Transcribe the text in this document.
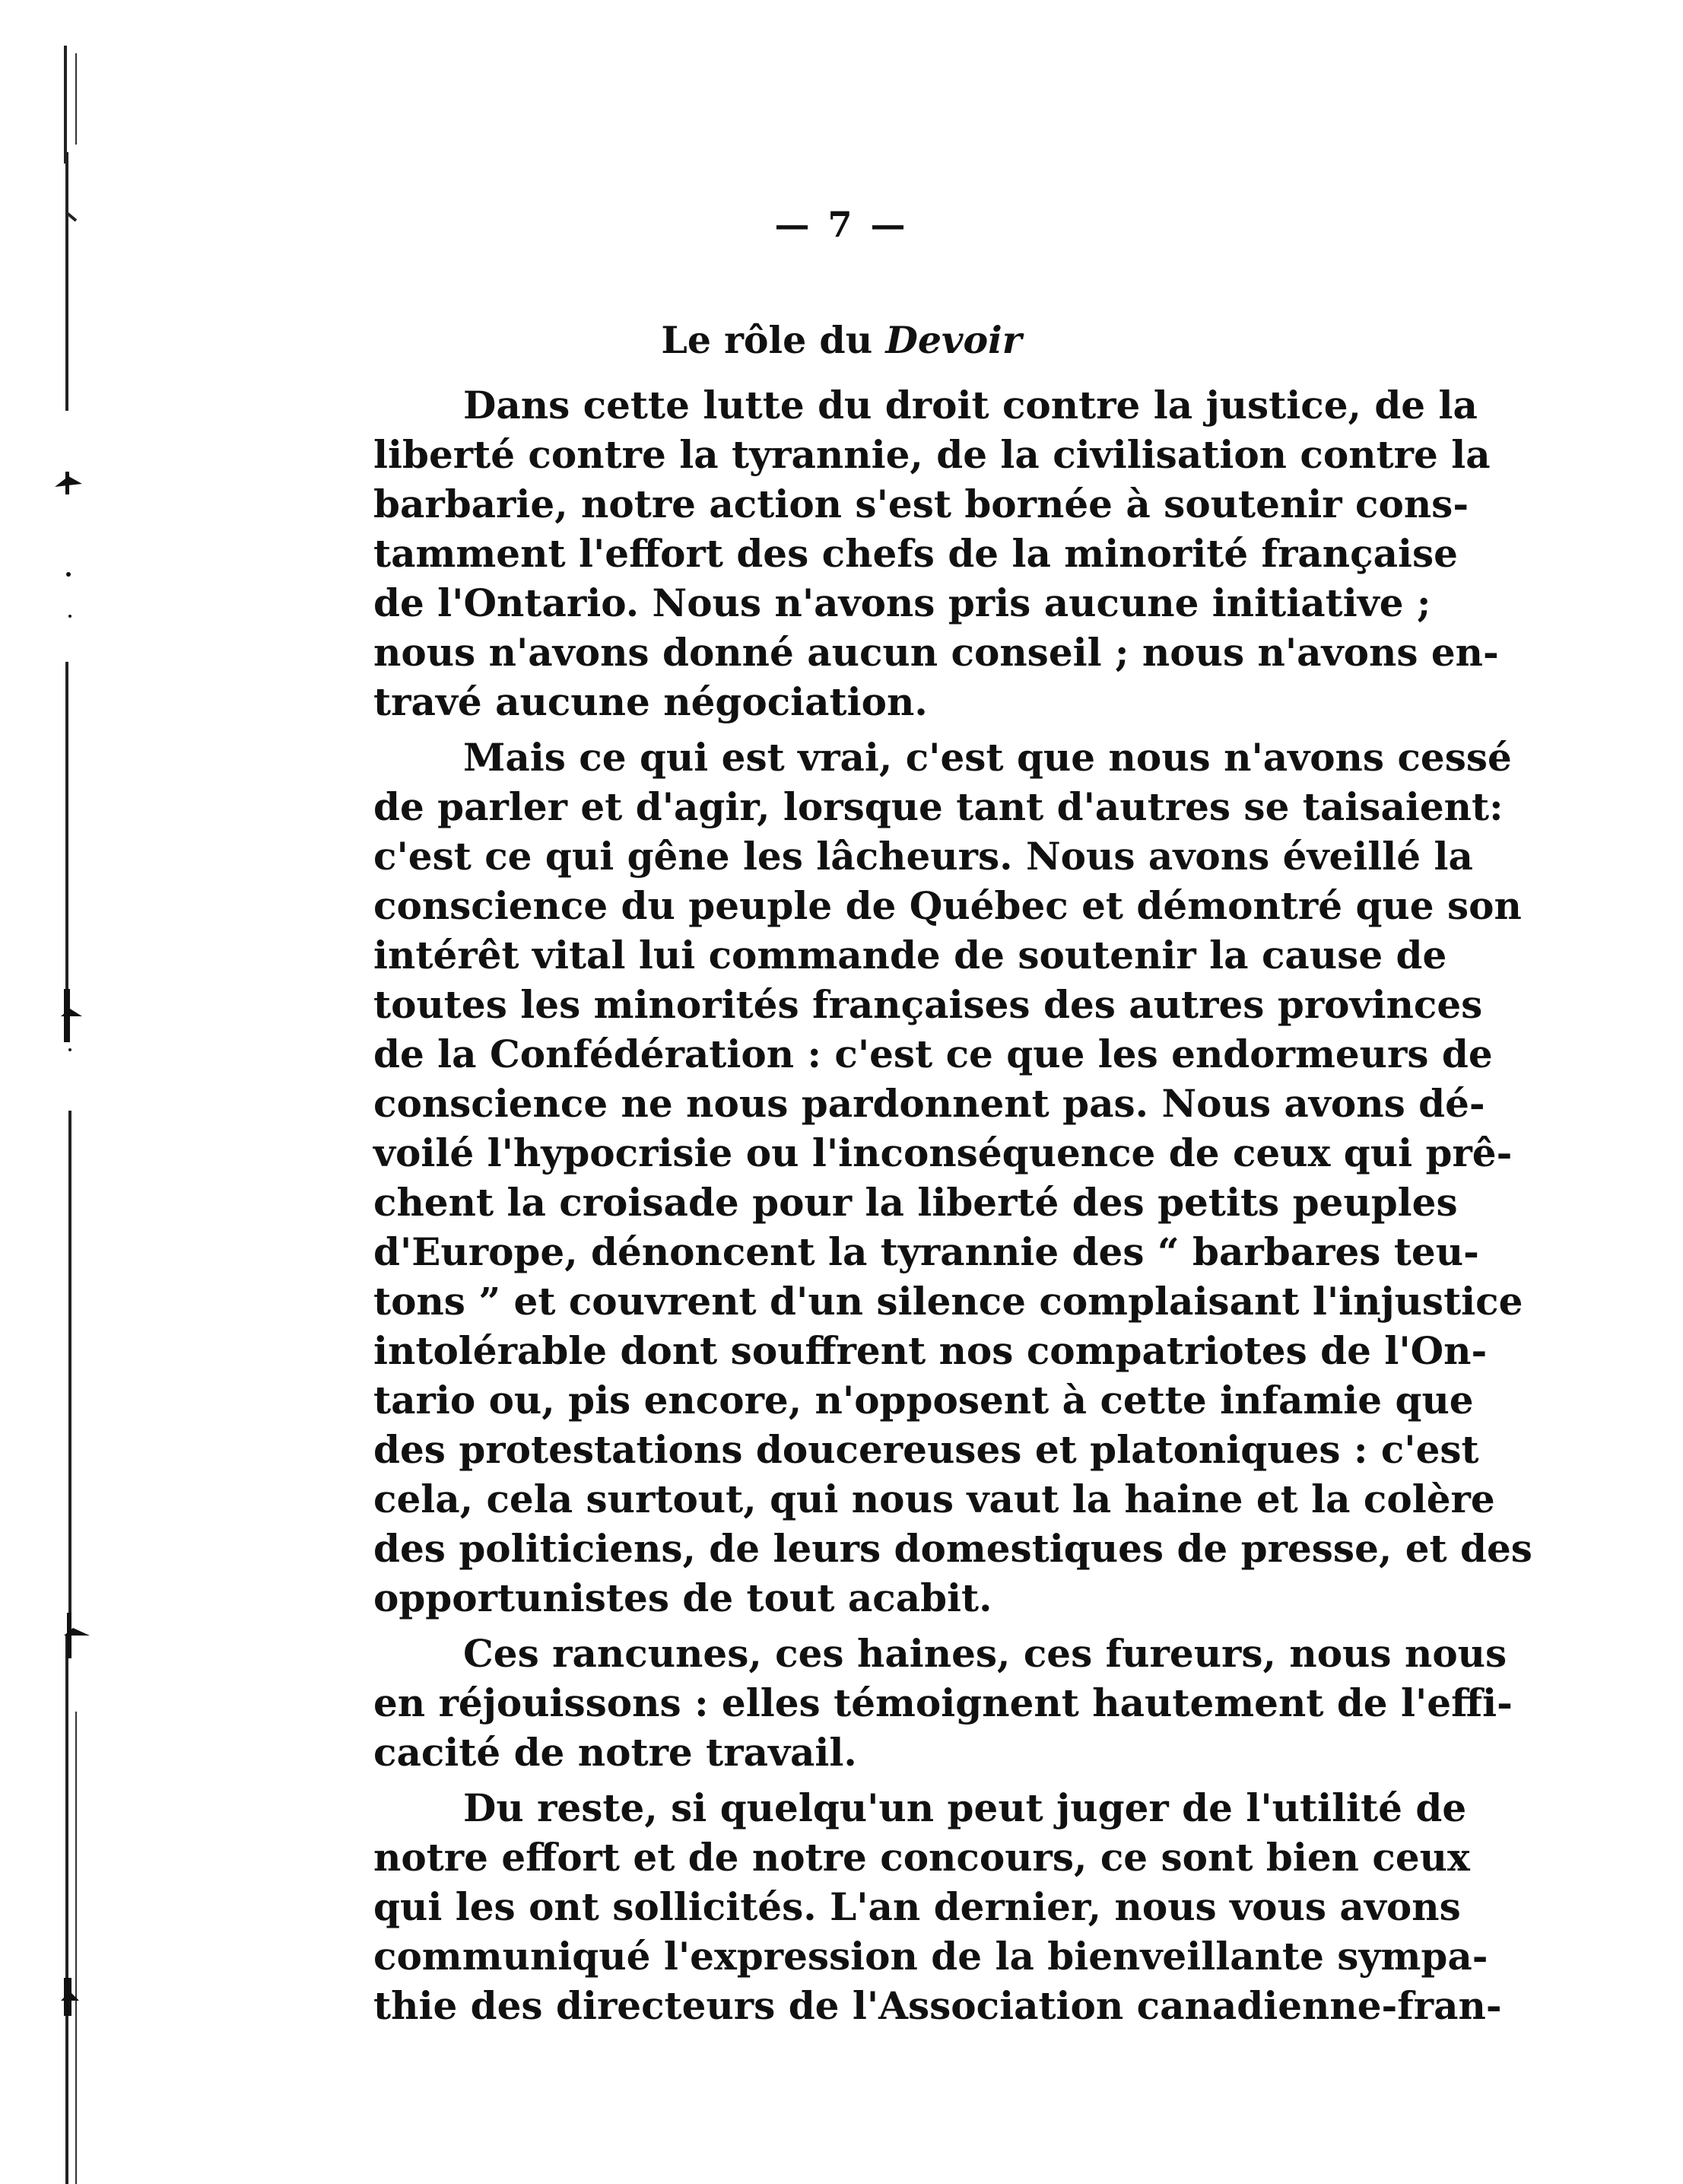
— 7 —
Le rôle du Devoir
Dans cette lutte du droit contre la justice, de la
liberté contre la tyrannie, de la civilisation contre la
barbarie, notre action s'est bornée à soutenir cons-
tamment l'effort des chefs de la minorité française
de l'Ontario. Nous n'avons pris aucune initiative ;
nous n'avons donné aucun conseil ; nous n'avons en-
travé aucune négociation.
Mais ce qui est vrai, c'est que nous n'avons cessé
de parler et d'agir, lorsque tant d'autres se taisaient:
c'est ce qui gêne les lâcheurs. Nous avons éveillé la
conscience du peuple de Québec et démontré que son
intérêt vital lui commande de soutenir la cause de
toutes les minorités françaises des autres provinces
de la Confédération : c'est ce que les endormeurs de
conscience ne nous pardonnent pas. Nous avons dé-
voilé l'hypocrisie ou l'inconséquence de ceux qui prê-
chent la croisade pour la liberté des petits peuples
d'Europe, dénoncent la tyrannie des “ barbares teu-
tons ” et couvrent d'un silence complaisant l'injustice
intolérable dont souffrent nos compatriotes de l'On-
tario ou, pis encore, n'opposent à cette infamie que
des protestations doucereuses et platoniques : c'est
cela, cela surtout, qui nous vaut la haine et la colère
des politiciens, de leurs domestiques de presse, et des
opportunistes de tout acabit.
Ces rancunes, ces haines, ces fureurs, nous nous
en réjouissons : elles témoignent hautement de l'effi-
cacité de notre travail.
Du reste, si quelqu'un peut juger de l'utilité de
notre effort et de notre concours, ce sont bien ceux
qui les ont sollicités. L'an dernier, nous vous avons
communiqué l'expression de la bienveillante sympa-
thie des directeurs de l'Association canadienne-fran-
